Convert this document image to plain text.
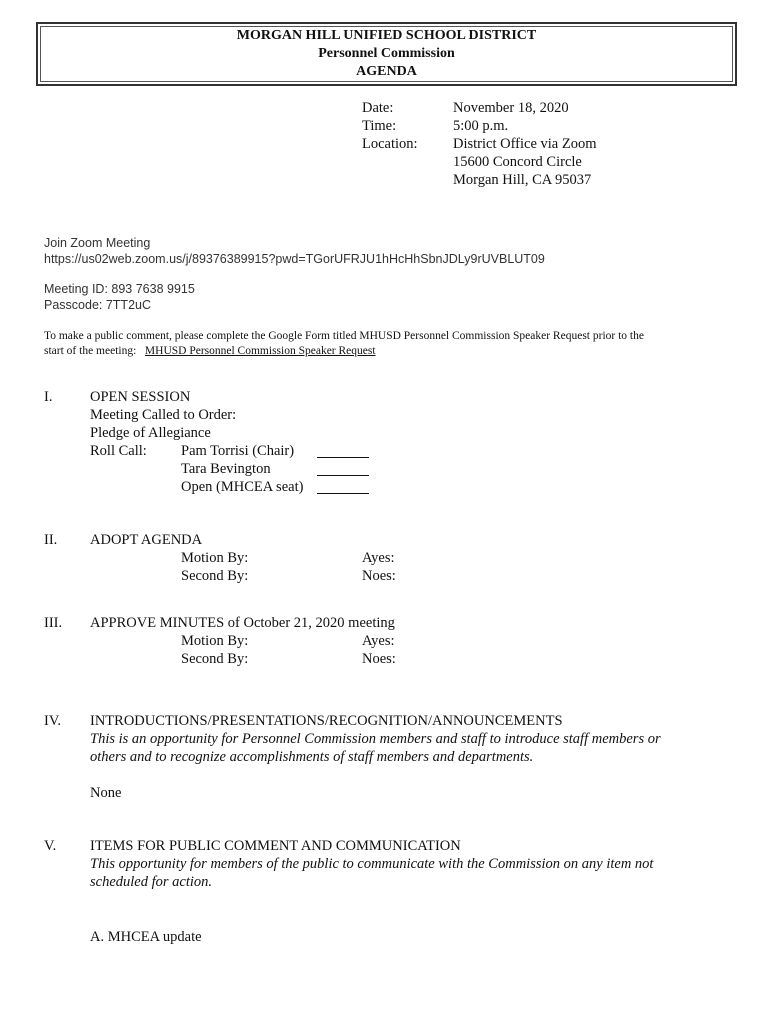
MORGAN HILL UNIFIED SCHOOL DISTRICT
Personnel Commission
AGENDA
Date:	November 18, 2020
Time:	5:00 p.m.
Location: District Office via Zoom
15600 Concord Circle
Morgan Hill, CA 95037
Join Zoom Meeting
https://us02web.zoom.us/j/89376389915?pwd=TGorUFRJU1hHcHhSbnJDLy9rUVBLUT09
Meeting ID: 893 7638 9915
Passcode: 7TT2uC
To make a public comment, please complete the Google Form titled MHUSD Personnel Commission Speaker Request prior to the
start of the meeting: MHUSD Personnel Commission Speaker Request
I.	OPEN SESSION
Meeting Called to Order:
Pledge of Allegiance
Roll Call: Pam Torrisi (Chair)
Tara Bevington
Open (MHCEA seat)
II. ADOPT AGENDA
Motion By:	Ayes:
Second By:	Noes:
III. APPROVE MINUTES of October 21, 2020 meeting
Motion By:	Ayes:
Second By:	Noes:
IV. INTRODUCTIONS/PRESENTATIONS/RECOGNITION/ANNOUNCEMENTS
This is an opportunity for Personnel Commission members and staff to introduce staff members or
others and to recognize accomplishments of staff members and departments.
None
V. ITEMS FOR PUBLIC COMMENT AND COMMUNICATION
This opportunity for members of the public to communicate with the Commission on any item not
scheduled for action.
A. MHCEA update
